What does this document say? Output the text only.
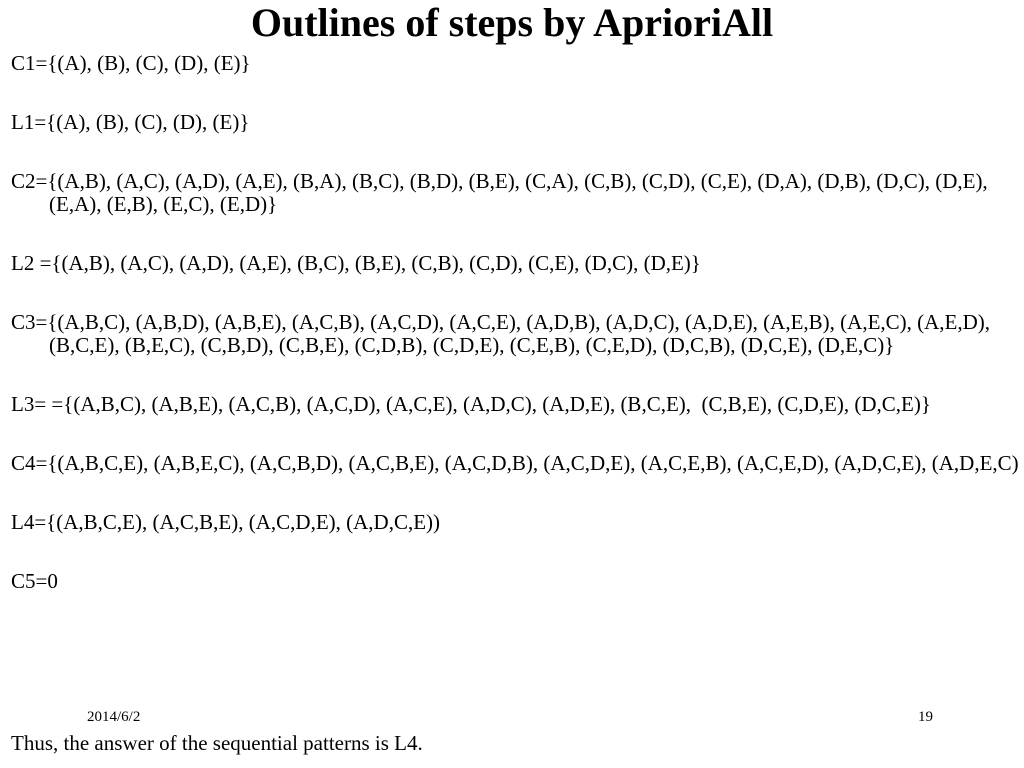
Outlines of steps by AprioriAll

C1={(A), (B), (C), (D), (E)}

L1={(A), (B), (C), (D), (E)}

C2={(A,B), (A,C), (A,D), (A,E), (B,A), (B,C), (B,D), (B,E), (C,A), (C,B), (C,D), (C,E), (D,A), (D,B), (D,C), (D,E), (E,A), (E,B), (E,C), (E,D)}

L2 ={(A,B), (A,C), (A,D), (A,E), (B,C), (B,E), (C,B), (C,D), (C,E), (D,C), (D,E)}

C3={(A,B,C), (A,B,D), (A,B,E), (A,C,B), (A,C,D), (A,C,E), (A,D,B), (A,D,C), (A,D,E), (A,E,B), (A,E,C), (A,E,D), (B,C,E), (B,E,C), (C,B,D), (C,B,E), (C,D,B), (C,D,E), (C,E,B), (C,E,D), (D,C,B), (D,C,E), (D,E,C)}

L3= ={(A,B,C), (A,B,E), (A,C,B), (A,C,D), (A,C,E), (A,D,C), (A,D,E), (B,C,E),  (C,B,E), (C,D,E), (D,C,E)}

C4={(A,B,C,E), (A,B,E,C), (A,C,B,D), (A,C,B,E), (A,C,D,B), (A,C,D,E), (A,C,E,B), (A,C,E,D), (A,D,C,E), (A,D,E,C)

L4={(A,B,C,E), (A,C,B,E), (A,C,D,E), (A,D,C,E))

C5=0

2014/6/2	19

Thus, the answer of the sequential patterns is L4.
